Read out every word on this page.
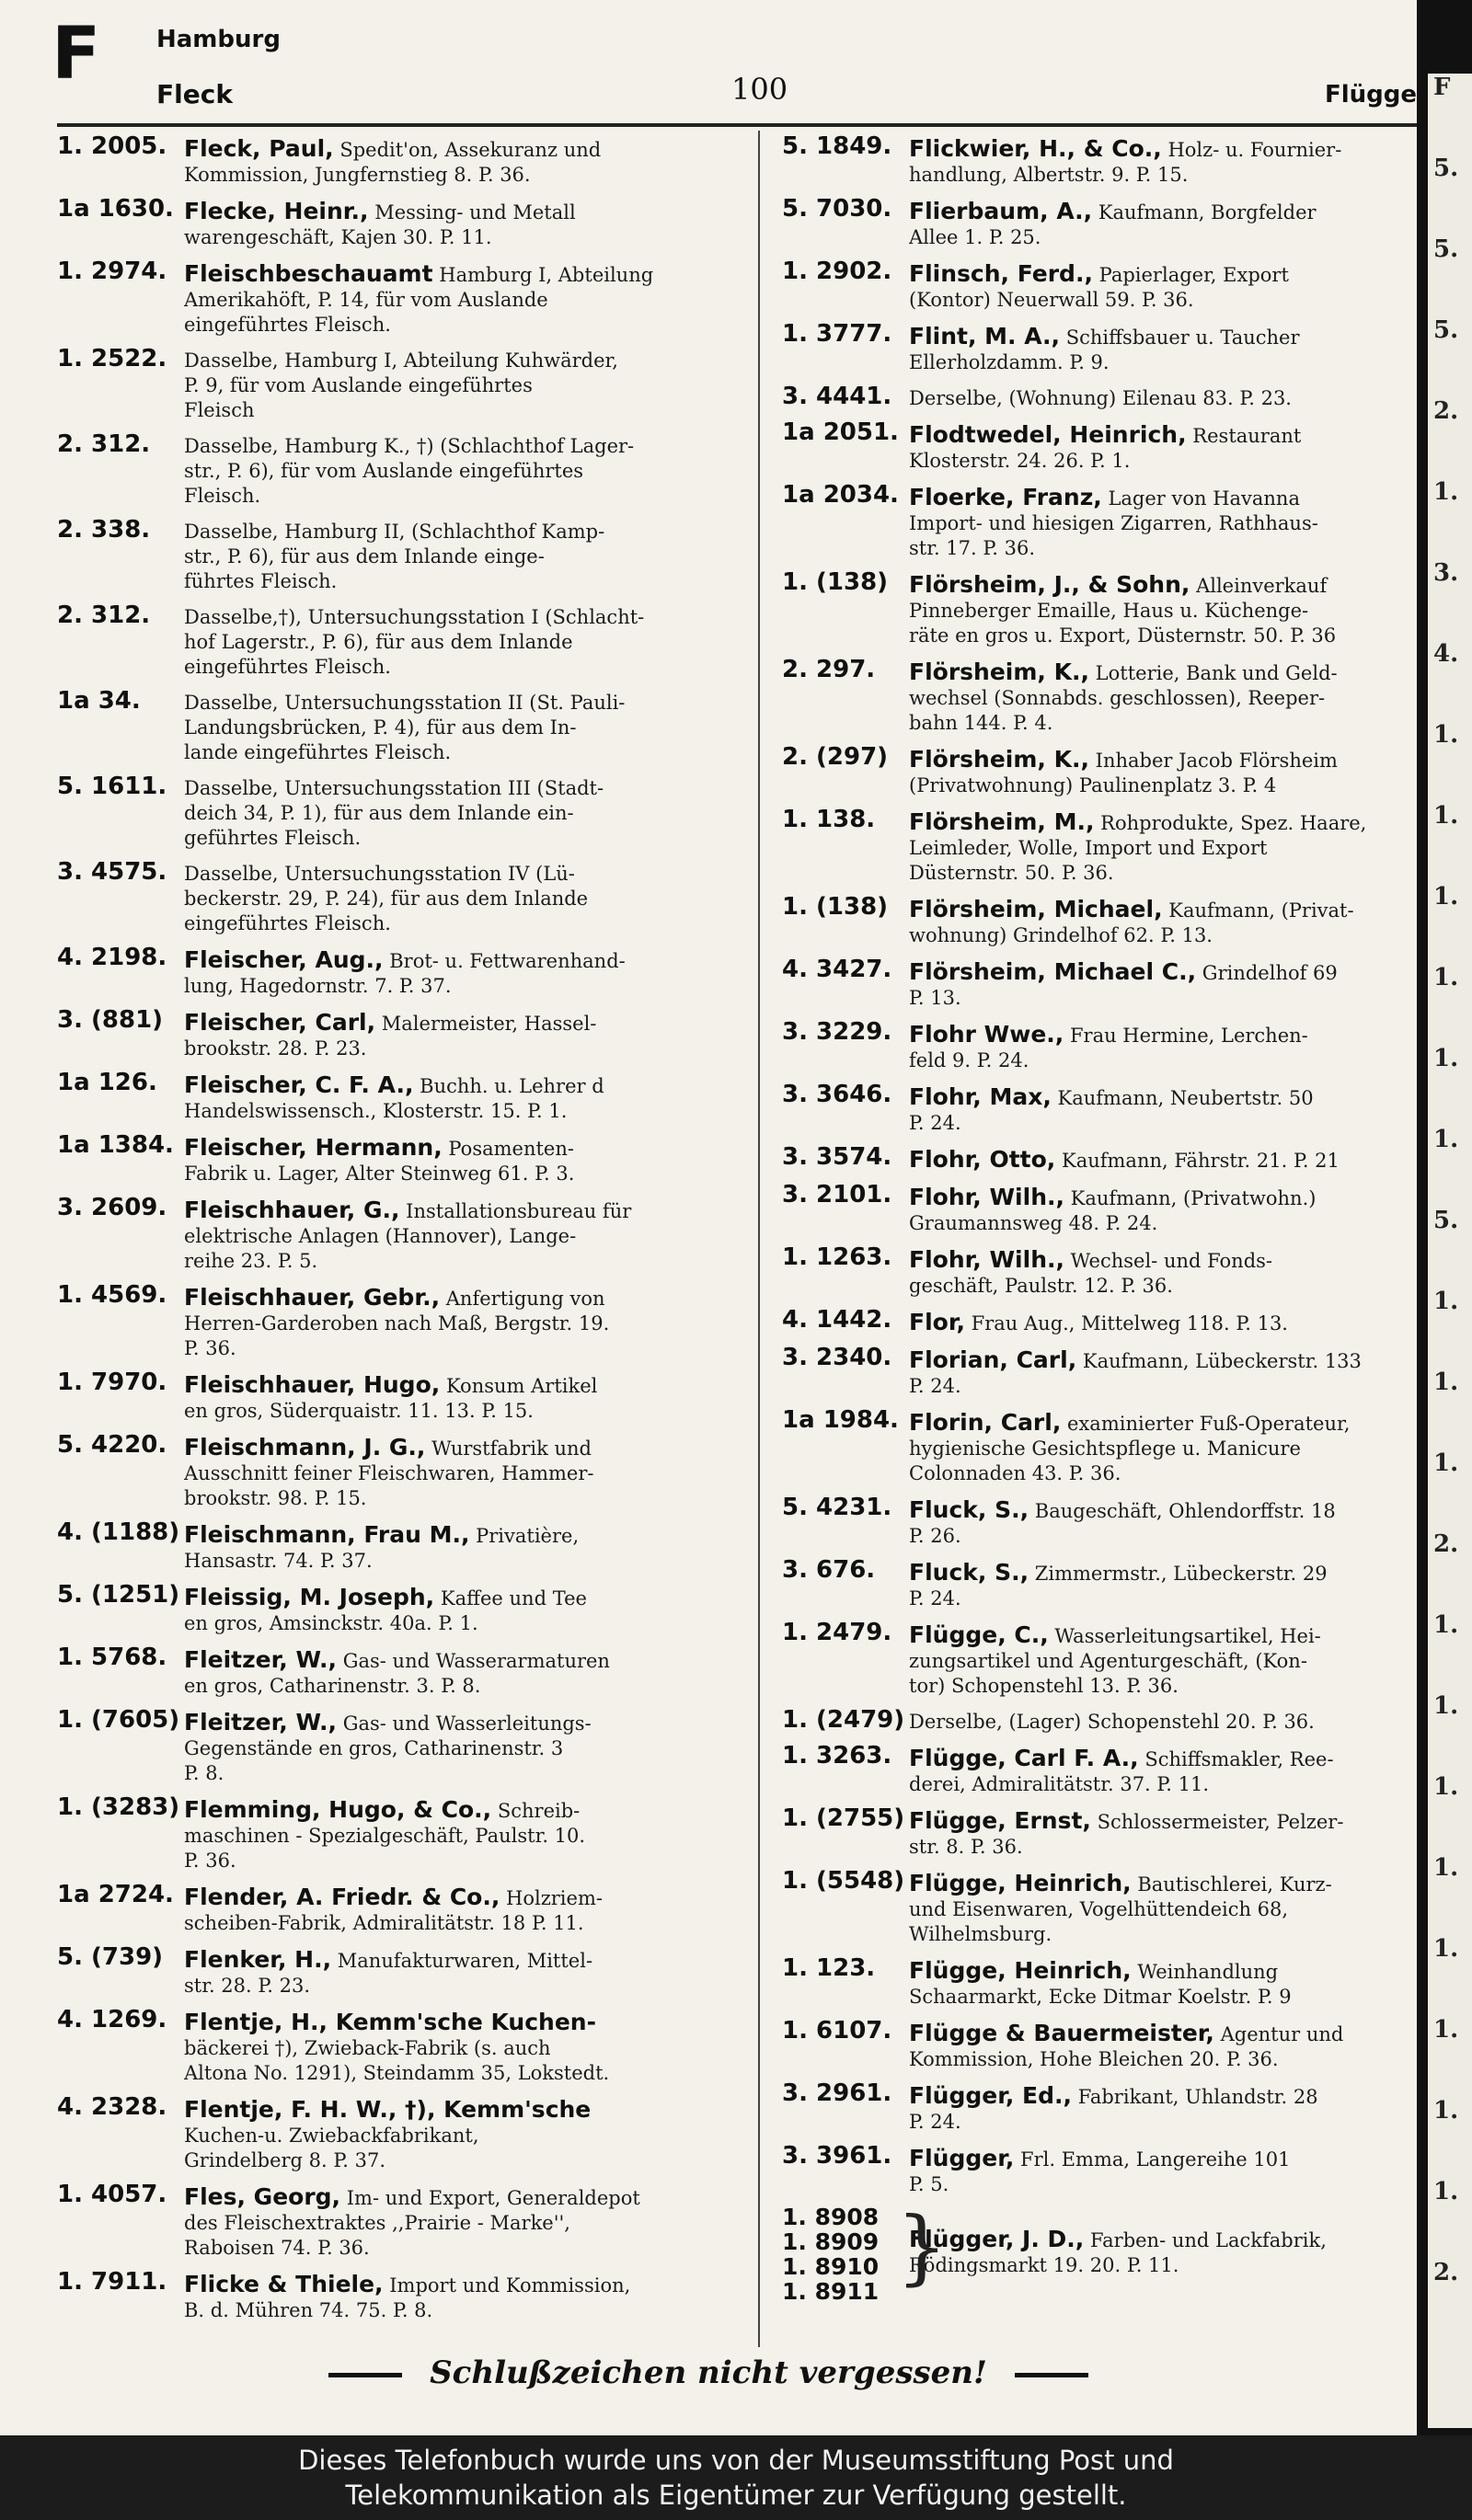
F Hamburg
Fleck	100	Flügge
1. 2005. Fleck, Paul, Spedit'on, Assekuranz und
Kommission, Jungfernstieg 8. P. 36.
1a 1630. Flecke, Heinr., Messing- und Metall
warengeschäft, Kajen 30. P. 11.
1. 2974. Fleischbeschauamt Hamburg I, Abteilung
Amerikahöft, P. 14, für vom Auslande
eingeführtes Fleisch.
1. 2522. Dasselbe, Hamburg I, Abteilung Kuhwärder,
P. 9, für vom Auslande eingeführtes
Fleisch
2. 312. Dasselbe, Hamburg K., †) (Schlachthof Lager-
str., P. 6), für vom Auslande eingeführtes
Fleisch.
2. 338. Dasselbe, Hamburg II, (Schlachthof Kamp-
str., P. 6), für aus dem Inlande einge-
führtes Fleisch.
2. 312. Dasselbe,†), Untersuchungsstation I (Schlacht-
hof Lagerstr., P. 6), für aus dem Inlande
eingeführtes Fleisch.
1a 34. Dasselbe, Untersuchungsstation II (St. Pauli-
Landungsbrücken, P. 4), für aus dem In-
lande eingeführtes Fleisch.
5. 1611. Dasselbe, Untersuchungsstation III (Stadt-
deich 34, P. 1), für aus dem Inlande ein-
geführtes Fleisch.
3. 4575. Dasselbe, Untersuchungsstation IV (Lü-
beckerstr. 29, P. 24), für aus dem Inlande
eingeführtes Fleisch.
4. 2198. Fleischer, Aug., Brot- u. Fettwarenhand-
lung, Hagedornstr. 7. P. 37.
3. (881) Fleischer, Carl, Malermeister, Hassel-
brookstr. 28. P. 23.
1a 126. Fleischer, C. F. A., Buchh. u. Lehrer d
Handelswissensch., Klosterstr. 15. P. 1.
1a 1384. Fleischer, Hermann, Posamenten-
Fabrik u. Lager, Alter Steinweg 61. P. 3.
3. 2609. Fleischhauer, G., Installationsbureau für
elektrische Anlagen (Hannover), Lange-
reihe 23. P. 5.
1. 4569. Fleischhauer, Gebr., Anfertigung von
Herren-Garderoben nach Maß, Bergstr. 19.
P. 36.
1. 7970. Fleischhauer, Hugo, Konsum Artikel
en gros, Süderquaistr. 11. 13. P. 15.
5. 4220. Fleischmann, J. G., Wurstfabrik und
Ausschnitt feiner Fleischwaren, Hammer-
brookstr. 98. P. 15.
4. (1188) Fleischmann, Frau M., Privatière,
Hansastr. 74. P. 37.
5. (1251) Fleissig, M. Joseph, Kaffee und Tee
en gros, Amsinckstr. 40a. P. 1.
1. 5768. Fleitzer, W., Gas- und Wasserarmaturen
en gros, Catharinenstr. 3. P. 8.
1. (7605) Fleitzer, W., Gas- und Wasserleitungs-
Gegenstände en gros, Catharinenstr. 3
P. 8.
1. (3283) Flemming, Hugo, & Co., Schreib-
maschinen - Spezialgeschäft, Paulstr. 10.
P. 36.
1a 2724. Flender, A. Friedr. & Co., Holzriem-
scheiben-Fabrik, Admiralitätstr. 18 P. 11.
5. (739) Flenker, H., Manufakturwaren, Mittel-
str. 28. P. 23.
4. 1269. Flentje, H., Kemm'sche Kuchen-
bäckerei †), Zwieback-Fabrik (s. auch
Altona No. 1291), Steindamm 35, Lokstedt.
4. 2328. Flentje, F. H. W., †), Kemm'sche
Kuchen-u. Zwiebackfabrikant,
Grindelberg 8. P. 37.
1. 4057. Fles, Georg, Im- und Export, Generaldepot
des Fleischextraktes ,,Prairie - Marke'',
Raboisen 74. P. 36.
1. 7911. Flicke & Thiele, Import und Kommission,
B. d. Mühren 74. 75. P. 8.
5. 1849. Flickwier, H., & Co., Holz- u. Fournier-
handlung, Albertstr. 9. P. 15.
5. 7030. Flierbaum, A., Kaufmann, Borgfelder
Allee 1. P. 25.
1. 2902. Flinsch, Ferd., Papierlager, Export
(Kontor) Neuerwall 59. P. 36.
1. 3777. Flint, M. A., Schiffsbauer u. Taucher
Ellerholzdamm. P. 9.
3. 4441. Derselbe, (Wohnung) Eilenau 83. P. 23.
1a 2051. Flodtwedel, Heinrich, Restaurant
Klosterstr. 24. 26. P. 1.
1a 2034. Floerke, Franz, Lager von Havanna
Import- und hiesigen Zigarren, Rathhaus-
str. 17. P. 36.
1. (138) Flörsheim, J., & Sohn, Alleinverkauf
Pinneberger Emaille, Haus u. Küchenge-
räte en gros u. Export, Düsternstr. 50. P. 36
2. 297. Flörsheim, K., Lotterie, Bank und Geld-
wechsel (Sonnabds. geschlossen), Reeper-
bahn 144. P. 4.
2. (297) Flörsheim, K., Inhaber Jacob Flörsheim
(Privatwohnung) Paulinenplatz 3. P. 4
1. 138. Flörsheim, M., Rohprodukte, Spez. Haare,
Leimleder, Wolle, Import und Export
Düsternstr. 50. P. 36.
1. (138) Flörsheim, Michael, Kaufmann, (Privat-
wohnung) Grindelhof 62. P. 13.
4. 3427. Flörsheim, Michael C., Grindelhof 69
P. 13.
3. 3229. Flohr Wwe., Frau Hermine, Lerchen-
feld 9. P. 24.
3. 3646. Flohr, Max, Kaufmann, Neubertstr. 50
P. 24.
3. 3574. Flohr, Otto, Kaufmann, Fährstr. 21. P. 21
3. 2101. Flohr, Wilh., Kaufmann, (Privatwohn.)
Graumannsweg 48. P. 24.
1. 1263. Flohr, Wilh., Wechsel- und Fonds-
geschäft, Paulstr. 12. P. 36.
4. 1442. Flor, Frau Aug., Mittelweg 118. P. 13.
3. 2340. Florian, Carl, Kaufmann, Lübeckerstr. 133
P. 24.
1a 1984. Florin, Carl, examinierter Fuß-Operateur,
hygienische Gesichtspflege u. Manicure
Colonnaden 43. P. 36.
5. 4231. Fluck, S., Baugeschäft, Ohlendorffstr. 18
P. 26.
3. 676. Fluck, S., Zimmermstr., Lübeckerstr. 29
P. 24.
1. 2479. Flügge, C., Wasserleitungsartikel, Hei-
zungsartikel und Agenturgeschäft, (Kon-
tor) Schopenstehl 13. P. 36.
1. (2479) Derselbe, (Lager) Schopenstehl 20. P. 36.
1. 3263. Flügge, Carl F. A., Schiffsmakler, Ree-
derei, Admiralitätstr. 37. P. 11.
1. (2755) Flügge, Ernst, Schlossermeister, Pelzer-
str. 8. P. 36.
1. (5548) Flügge, Heinrich, Bautischlerei, Kurz-
und Eisenwaren, Vogelhüttendeich 68,
Wilhelmsburg.
1. 123. Flügge, Heinrich, Weinhandlung
Schaarmarkt, Ecke Ditmar Koelstr. P. 9
1. 6107. Flügge & Bauermeister, Agentur und
Kommission, Hohe Bleichen 20. P. 36.
3. 2961. Flügger, Ed., Fabrikant, Uhlandstr. 28
P. 24.
3. 3961. Flügger, Frl. Emma, Langereihe 101
P. 5.
1. 8908
1. 8909
1. 8910
1. 8911 }
Flügger, J. D., Farben- und Lackfabrik,
Rödingsmarkt 19. 20. P. 11.
Schlußzeichen nicht vergessen!
F
5.
5.
5.
2.
1.
3.
4.
1.
1.
1.
1.
1.
1.
5.
1.
1.
1.
2.
1.
1.
1.
1.
1.
1.
1.
1.
2.
Dieses Telefonbuch wurde uns von der Museumsstiftung Post und
Telekommunikation als Eigentümer zur Verfügung gestellt.
